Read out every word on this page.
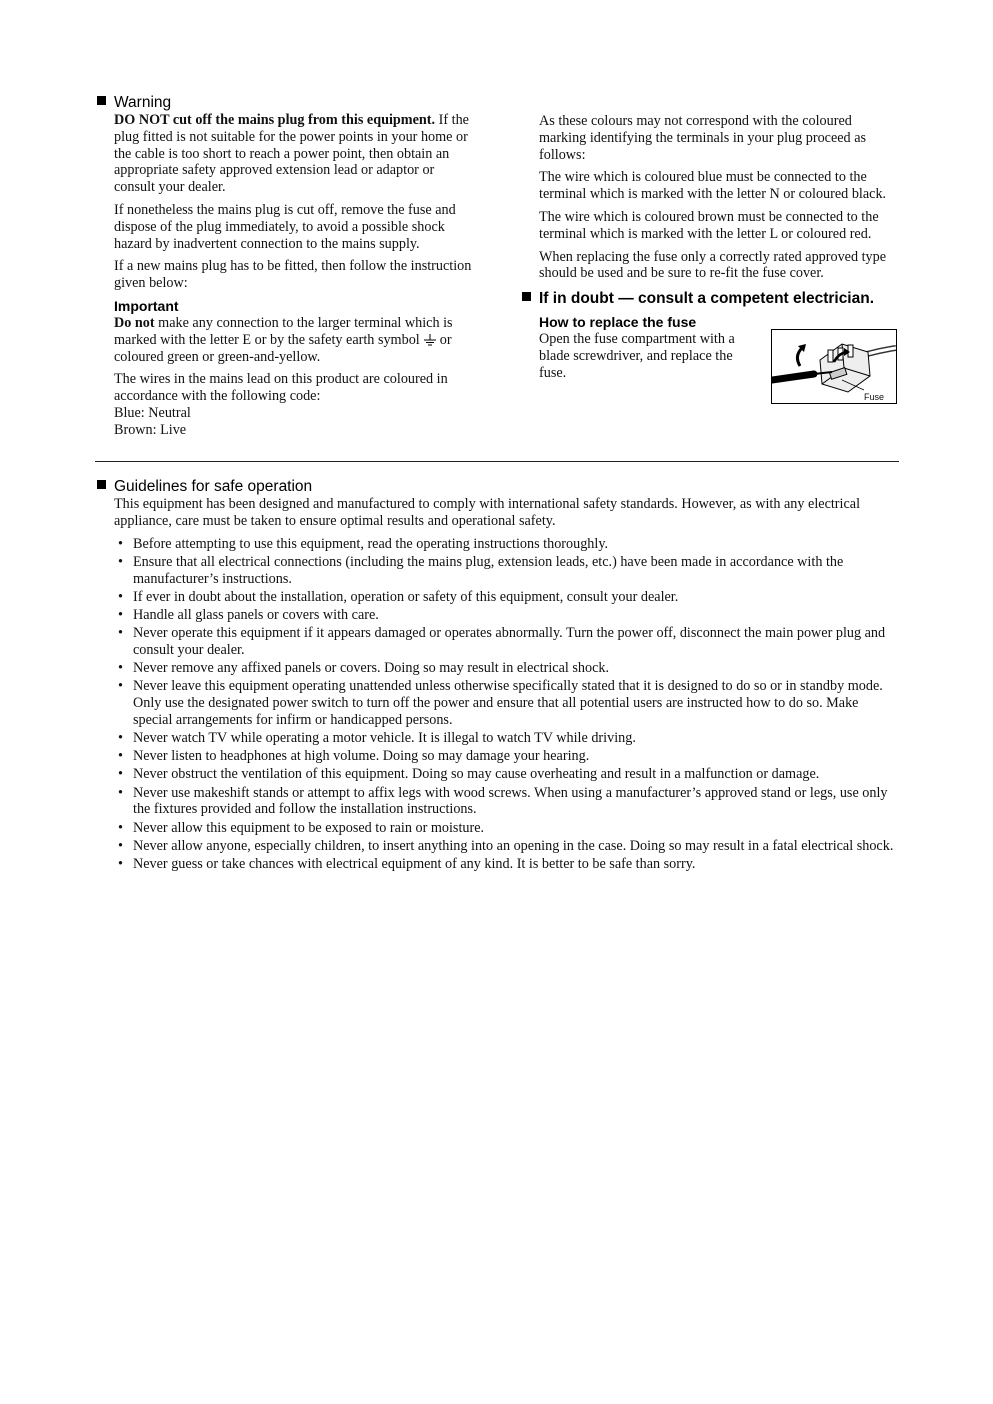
Warning

DO NOT cut off the mains plug from this equipment. If the plug fitted is not suitable for the power points in your home or the cable is too short to reach a power point, then obtain an appropriate safety approved extension lead or adaptor or consult your dealer.

If nonetheless the mains plug is cut off, remove the fuse and dispose of the plug immediately, to avoid a possible shock hazard by inadvertent connection to the mains supply.

If a new mains plug has to be fitted, then follow the instruction given below:

Important

Do not make any connection to the larger terminal which is marked with the letter E or by the safety earth symbol or coloured green or green-and-yellow.

The wires in the mains lead on this product are coloured in accordance with the following code:
Blue: Neutral
Brown: Live

As these colours may not correspond with the coloured marking identifying the terminals in your plug proceed as follows:

The wire which is coloured blue must be connected to the terminal which is marked with the letter N or coloured black.

The wire which is coloured brown must be connected to the terminal which is marked with the letter L or coloured red.

When replacing the fuse only a correctly rated approved type should be used and be sure to re-fit the fuse cover.

If in doubt — consult a competent electrician.
How to replace the fuse
Open the fuse compartment with a blade screwdriver, and replace the fuse.
Fuse
Guidelines for safe operation
This equipment has been designed and manufactured to comply with international safety standards. However, as with any electrical appliance, care must be taken to ensure optimal results and operational safety.
• Before attempting to use this equipment, read the operating instructions thoroughly.
• Ensure that all electrical connections (including the mains plug, extension leads, etc.) have been made in accordance with the manufacturer’s instructions.
• If ever in doubt about the installation, operation or safety of this equipment, consult your dealer.
• Handle all glass panels or covers with care.
• Never operate this equipment if it appears damaged or operates abnormally. Turn the power off, disconnect the main power plug and consult your dealer.
• Never remove any affixed panels or covers. Doing so may result in electrical shock.
• Never leave this equipment operating unattended unless otherwise specifically stated that it is designed to do so or in standby mode. Only use the designated power switch to turn off the power and ensure that all potential users are instructed how to do so. Make special arrangements for infirm or handicapped persons.
• Never watch TV while operating a motor vehicle. It is illegal to watch TV while driving.
• Never listen to headphones at high volume. Doing so may damage your hearing.
• Never obstruct the ventilation of this equipment. Doing so may cause overheating and result in a malfunction or damage.
• Never use makeshift stands or attempt to affix legs with wood screws. When using a manufacturer’s approved stand or legs, use only the fixtures provided and follow the installation instructions.
• Never allow this equipment to be exposed to rain or moisture.
• Never allow anyone, especially children, to insert anything into an opening in the case. Doing so may result in a fatal electrical shock.
• Never guess or take chances with electrical equipment of any kind. It is better to be safe than sorry.
